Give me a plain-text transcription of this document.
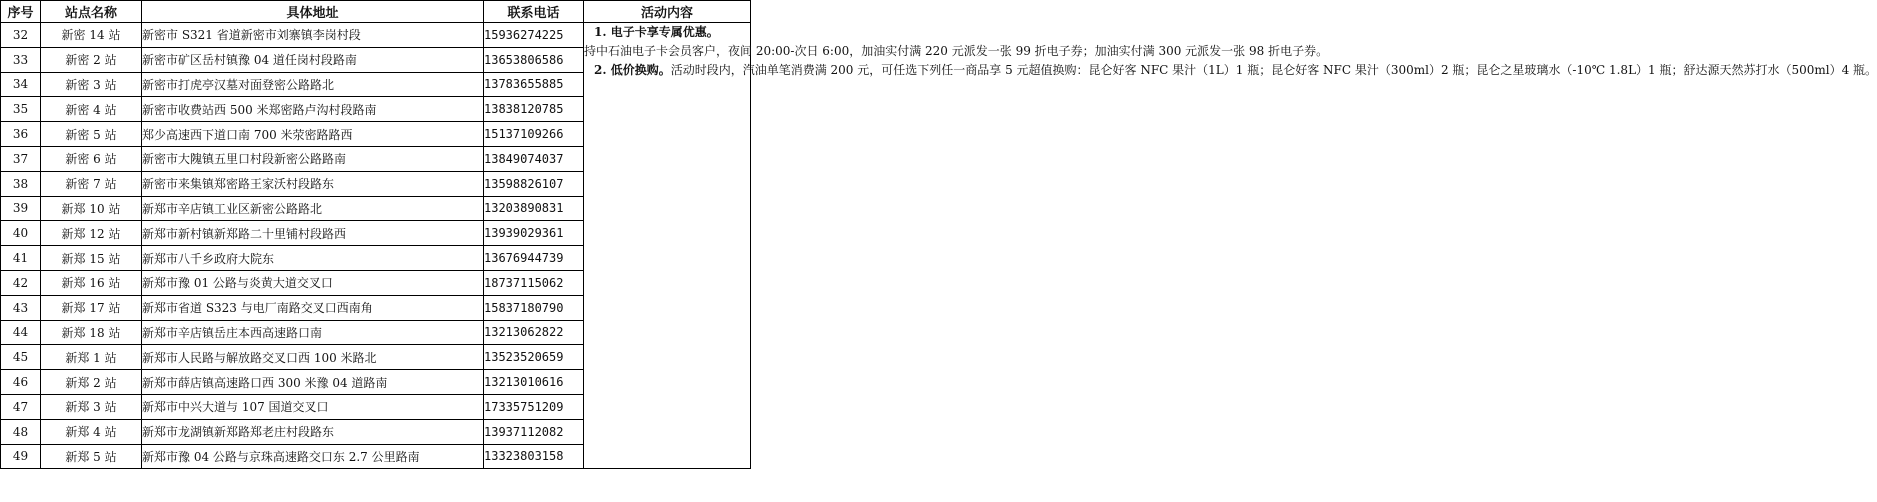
序号	站点名称	具体地址	联系电话	活动内容
32	新密 14 站	新密市 S321 省道新密市刘寨镇李岗村段	15936274225	1. 电子卡享专属优惠。
持中石油电子卡会员客户，夜间 20:00-次日 6:00，加油实付满 220 元派发一张 99 折电子券；加油实付满 300 元派发一张 98 折电子券。

2. 低价换购。活动时段内，汽油单笔消费满 200 元，可任选下列任一商品享 5 元超值换购：昆仑好客 NFC 果汁（1L）1 瓶；昆仑好客 NFC 果汁（300ml）2 瓶；昆仑之星玻璃水（-10℃ 1.8L）1 瓶；舒达源天然苏打水（500ml）4 瓶。

33	新密 2 站	新密市矿区岳村镇豫 04 道任岗村段路南	13653806586	
34	新密 3 站	新密市打虎亭汉墓对面登密公路路北	13783655885	
35	新密 4 站	新密市收费站西 500 米郑密路卢沟村段路南	13838120785	
36	新密 5 站	郑少高速西下道口南 700 米荥密路路西	15137109266	
37	新密 6 站	新密市大隗镇五里口村段新密公路路南	13849074037	
38	新密 7 站	新密市来集镇郑密路王家沃村段路东	13598826107	
39	新郑 10 站	新郑市辛店镇工业区新密公路路北	13203890831	
40	新郑 12 站	新郑市新村镇新郑路二十里铺村段路西	13939029361	
41	新郑 15 站	新郑市八千乡政府大院东	13676944739	
42	新郑 16 站	新郑市豫 01 公路与炎黄大道交叉口	18737115062	
43	新郑 17 站	新郑市省道 S323 与电厂南路交叉口西南角	15837180790	
44	新郑 18 站	新郑市辛店镇岳庄本西高速路口南	13213062822	
45	新郑 1 站	新郑市人民路与解放路交叉口西 100 米路北	13523520659	
46	新郑 2 站	新郑市薛店镇高速路口西 300 米豫 04 道路南	13213010616	
47	新郑 3 站	新郑市中兴大道与 107 国道交叉口	17335751209	
48	新郑 4 站	新郑市龙湖镇新郑路郑老庄村段路东	13937112082	
49	新郑 5 站	新郑市豫 04 公路与京珠高速路交口东 2.7 公里路南	13323803158	
